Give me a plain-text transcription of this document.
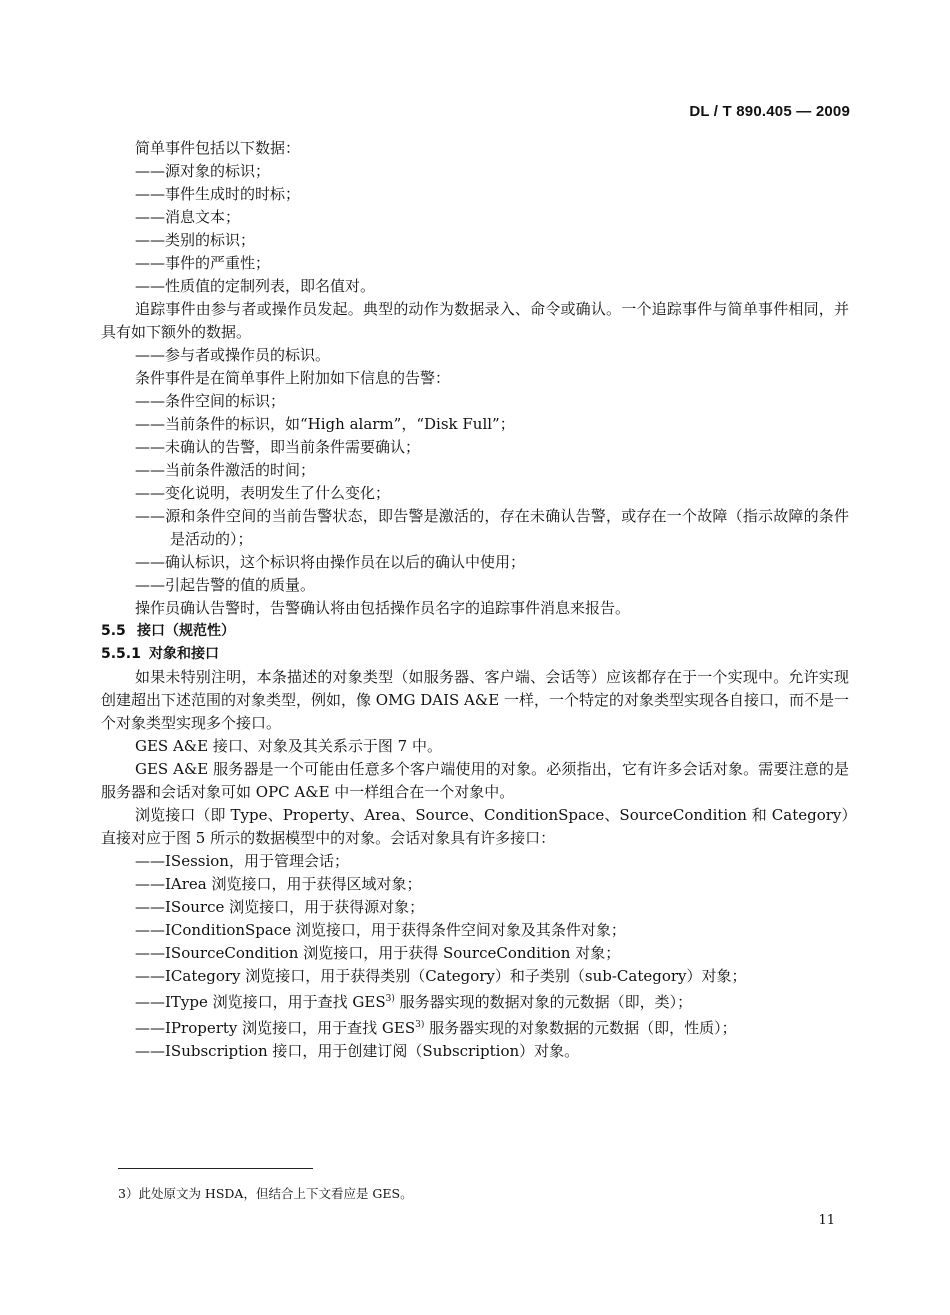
DL / T 890.405 — 2009

简单事件包括以下数据：

——源对象的标识；

——事件生成时的时标；

——消息文本；

——类别的标识；

——事件的严重性；

——性质值的定制列表，即名值对。

追踪事件由参与者或操作员发起。典型的动作为数据录入、命令或确认。一个追踪事件与简单事件相同，并具有如下额外的数据。

——参与者或操作员的标识。

条件事件是在简单事件上附加如下信息的告警：

——条件空间的标识；

——当前条件的标识，如“High alarm”，“Disk Full”；

——未确认的告警，即当前条件需要确认；

——当前条件激活的时间；

——变化说明，表明发生了什么变化；

——源和条件空间的当前告警状态，即告警是激活的，存在未确认告警，或存在一个故障（指示故障的条件是活动的）；

——确认标识，这个标识将由操作员在以后的确认中使用；

——引起告警的值的质量。

操作员确认告警时，告警确认将由包括操作员名字的追踪事件消息来报告。

5.5 接口（规范性）

5.5.1 对象和接口

如果未特别注明，本条描述的对象类型（如服务器、客户端、会话等）应该都存在于一个实现中。允许实现创建超出下述范围的对象类型，例如，像 OMG DAIS A&E 一样，一个特定的对象类型实现各自接口，而不是一个对象类型实现多个接口。

GES A&E 接口、对象及其关系示于图 7 中。

GES A&E 服务器是一个可能由任意多个客户端使用的对象。必须指出，它有许多会话对象。需要注意的是服务器和会话对象可如 OPC A&E 中一样组合在一个对象中。

浏览接口（即 Type、Property、Area、Source、ConditionSpace、SourceCondition 和 Category）直接对应于图 5 所示的数据模型中的对象。会话对象具有许多接口：

——ISession，用于管理会话；

——IArea 浏览接口，用于获得区域对象；

——ISource 浏览接口，用于获得源对象；

——IConditionSpace 浏览接口，用于获得条件空间对象及其条件对象；

——ISourceCondition 浏览接口，用于获得 SourceCondition 对象；

——ICategory 浏览接口，用于获得类别（Category）和子类别（sub-Category）对象；

——IType 浏览接口，用于查找 GES$^{3)}$ 服务器实现的数据对象的元数据（即，类）；

——IProperty 浏览接口，用于查找 GES$^{3)}$ 服务器实现的对象数据的元数据（即，性质）；

——ISubscription 接口，用于创建订阅（Subscription）对象。

3）此处原文为 HSDA，但结合上下文看应是 GES。
11
